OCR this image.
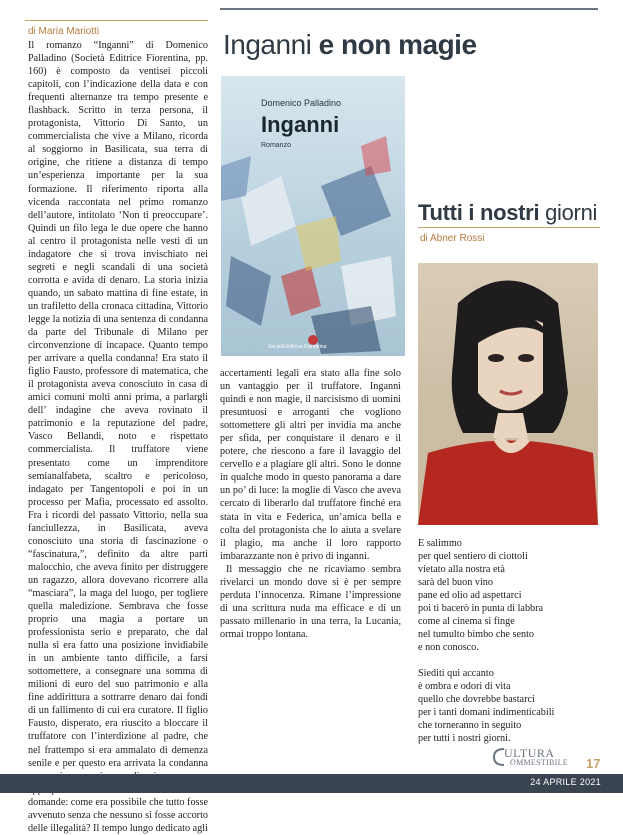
di Maria Mariotti

Il romanzo “Inganni” di Domenico Palladino (Società Editrice Fiorentina, pp. 160) è composto da ventisei piccoli capitoli, con l’indicazione della data e con frequenti alternanze tra tempo presente e flashback. Scritto in terza persona, il protagonista, Vittorio Di Santo, un commercialista che vive a Milano, ricorda al soggiorno in Basilicata, sua terra di origine, che ritiene a distanza di tempo un’esperienza importante per la sua formazione. Il riferimento riporta alla vicenda raccontata nel primo romanzo dell’autore, intitolato ‘Non ti preoccupare’. Quindi un filo lega le due opere che hanno al centro il protagonista nelle vesti di un indagatore che si trova invischiato nei segreti e negli scandali di una società corrotta e avida di denaro. La storia inizia quando, un sabato mattina di fine estate, in un trafiletto della cronaca cittadina, Vittorio legge la notizia di una sentenza di condanna da parte del Tribunale di Milano per circonvenzione di incapace. Quanto tempo per arrivare a quella condanna! Era stato il figlio Fausto, professore di matematica, che il protagonista aveva conosciuto in casa di amici comuni molti anni prima, a parlargli dell’ indagine che aveva rovinato il patrimonio e la reputazione del padre, Vasco Bellandi, noto e rispettato commercialista. Il truffatore viene presentato come un imprenditore semianalfabeta, scaltro e pericoloso, indagato per Tangentopoli e poi in un processo per Mafia, processato ed assolto. Fra i ricordi del passato Vittorio, nella sua fanciullezza, in Basilicata, aveva conosciuto una storia di fascinazione o “fascinatura,”, definito da altre parti malocchio, che aveva finito per distruggere un ragazzo, allora dovevano ricorrere alla “masciara”, la maga del luogo, per togliere quella maledizione. Sembrava che fosse proprio una magia a portare un professionista serio e preparato, che dal nulla si era fatto una posizione invidiabile in un ambiente tanto difficile, a farsi sottomettere, a consegnare una somma di milioni di euro del suo patrimonio e alla fine addirittura a sottrarre denaro dai fondi di un fallimento di cui era curatore. Il figlio Fausto, disperato, era riuscito a bloccare il truffatore con l’interdizione al padre, che nel frattempo si era ammalato di demenza senile e per questo era arrivata la condanna domande: come era possibile che tutto fosse avvenuto senza che nessuno si fosse accorto delle illegalità? Il tempo lungo dedicato agli

Inganni e non magie
Domenico Palladino
Inganni
Romanzo
Società Editrice Fiorentina

accertamenti legali era stato alla fine solo un vantaggio per il truffatore. Inganni quindi e non magie, il narcisismo di uomini presuntuosi e arroganti che vogliono sottomettere gli altri per invidia ma anche per sfida, per conquistare il denaro e il potere, che riescono a fare il lavaggio del cervello e a plagiare gli altri. Sono le donne in qualche modo in questo panorama a dare un po’ di luce: la moglie di Vasco che aveva cercato di liberarlo dal truffatore finché era stata in vita e Federica, un’amica bella e colta del protagonista che lo aiuta a svelare il plagio, ma anche il loro rapporto imbarazzante non è privo di inganni.

Il messaggio che ne ricaviamo sembra rivelarci un mondo dove si è per sempre perduta l’innocenza. Rimane l’impressione di una scrittura nuda ma efficace e di un passato millenario in una terra, la Lucania, ormai troppo lontana.

Tutti i nostri giorni
di Abner Rossi
E salimmo
per quel sentiero di ciottoli
vietato alla nostra età
sarà del buon vino
pane ed olio ad aspettarci
poi ti bacerò in punta di labbra
come al cinema si finge
nel tumulto bimbo che sento
e non conosco.
Siediti qui accanto
è ombra e odori di vita
quello che dovrebbe bastarci
per i tanti domani indimenticabili
che torneranno in seguito
per tutti i nostri giorni.
ULTURA
OMMESTIBILE 17
24 APRILE 2021
